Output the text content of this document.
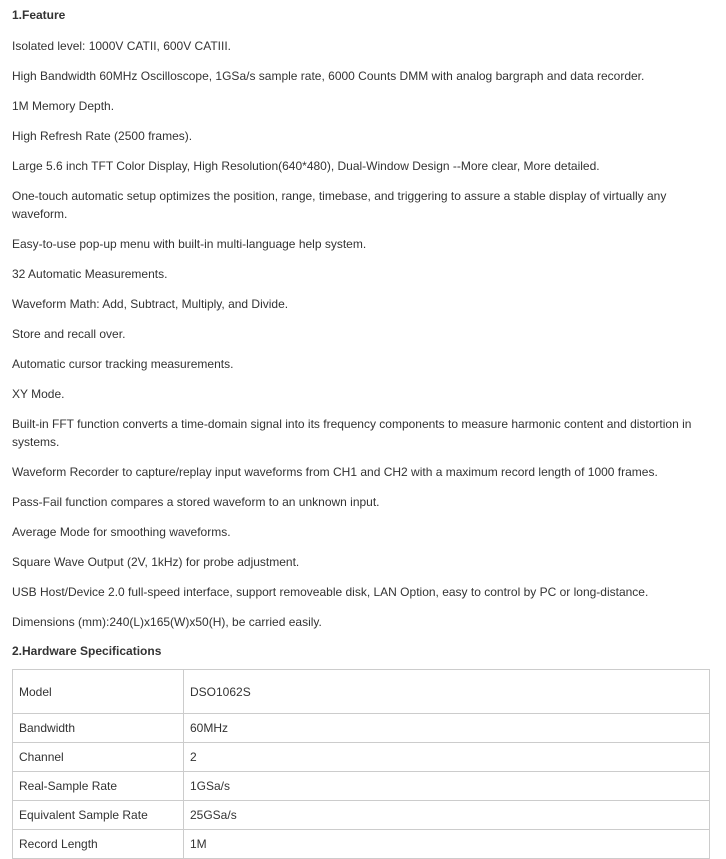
1.Feature

Isolated level: 1000V CATII, 600V CATIII.

High Bandwidth 60MHz Oscilloscope, 1GSa/s sample rate, 6000 Counts DMM with analog bargraph and data recorder.

1M Memory Depth.

High Refresh Rate (2500 frames).

Large 5.6 inch TFT Color Display, High Resolution(640*480), Dual-Window Design --More clear, More detailed.

One-touch automatic setup optimizes the position, range, timebase, and triggering to assure a stable display of virtually any waveform.

Easy-to-use pop-up menu with built-in multi-language help system.

32 Automatic Measurements.

Waveform Math: Add, Subtract, Multiply, and Divide.

Store and recall over.

Automatic cursor tracking measurements.

XY Mode.

Built-in FFT function converts a time-domain signal into its frequency components to measure harmonic content and distortion in systems.

Waveform Recorder to capture/replay input waveforms from CH1 and CH2 with a maximum record length of 1000 frames.

Pass-Fail function compares a stored waveform to an unknown input.

Average Mode for smoothing waveforms.

Square Wave Output (2V, 1kHz) for probe adjustment.

USB Host/Device 2.0 full-speed interface, support removeable disk, LAN Option, easy to control by PC or long-distance.

Dimensions (mm):240(L)x165(W)x50(H), be carried easily.

2.Hardware Specifications
Model	DSO1062S
Bandwidth	60MHz
Channel	2
Real-Sample Rate	1GSa/s
Equivalent Sample Rate	25GSa/s
Record Length	1M
